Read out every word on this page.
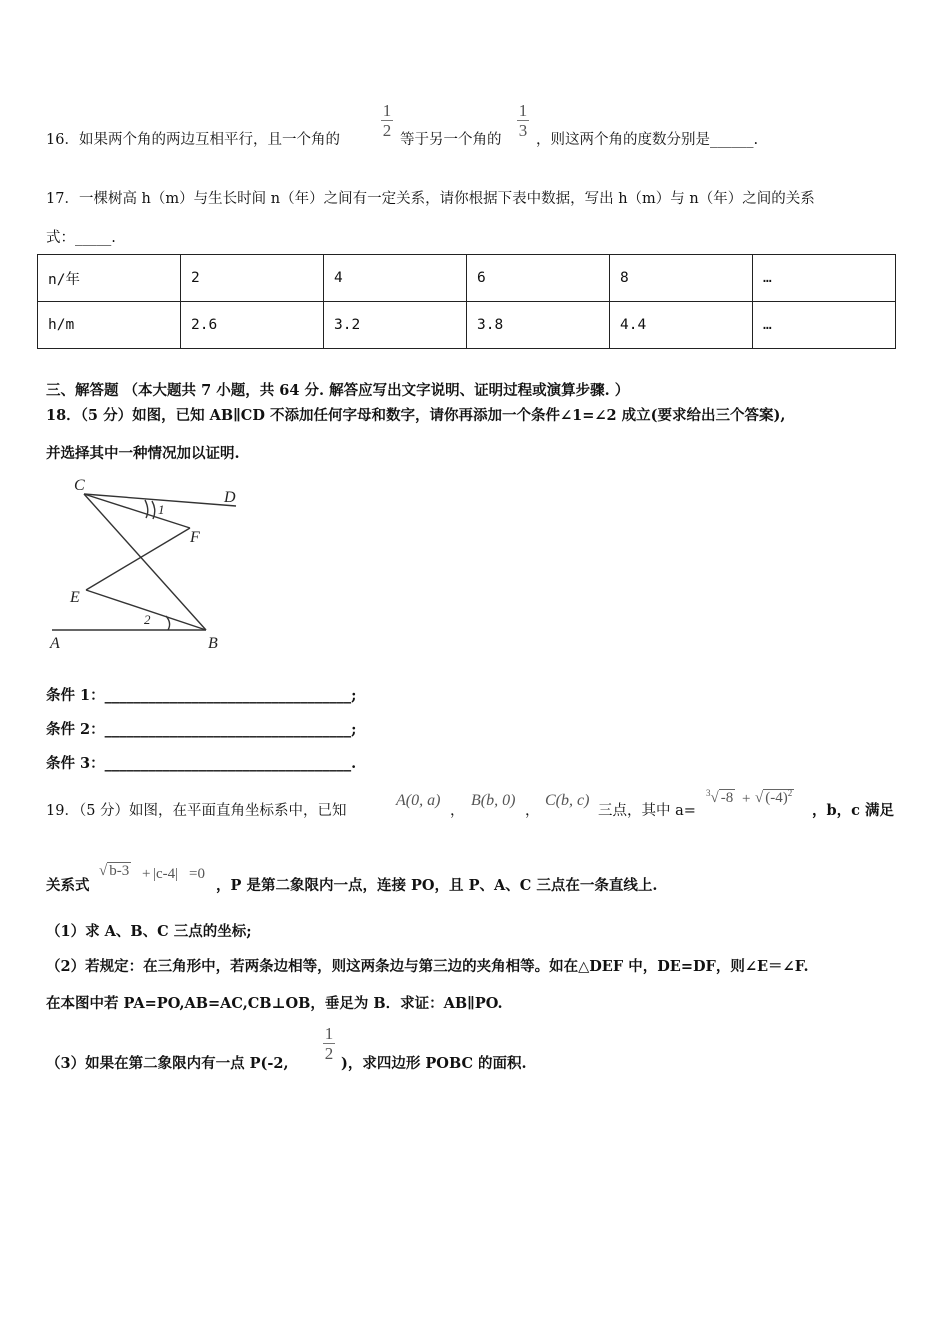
16．如果两个角的两边互相平行，且一个角的
1
2 等于另一个角的
1
3 ，则这两个角的度数分别是______.
17．一棵树高 h（m）与生长时间 n（年）之间有一定关系，请你根据下表中数据，写出 h（m）与 n（年）之间的关系
式：_____.
n/年	2	4	6	8	…
h/m	2.6	3.2	3.8	4.4	…
三、解答题 （本大题共 7 小题，共 64 分. 解答应写出文字说明、证明过程或演算步骤. ）
18．（5 分）如图，已知 AB∥CD 不添加任何字母和数字，请你再添加一个条件∠1=∠2 成立(要求给出三个答案),
并选择其中一种情况加以证明.
C
D
F
E
A	B
1
2
条件 1：__________________________________;
条件 2：__________________________________;
条件 3：__________________________________.
19．（5 分）如图，在平面直角坐标系中，已知
A(0, a)
，
B(b, 0)
，
C(b, c)
三点，其中 a=
$^3$√ -8 + √ $(-4)^2$
，b，c 满足
关系式
√ b-3 + |c-4| =0
，P 是第二象限内一点，连接 PO，且 P、A、C 三点在一条直线上.
（1）求 A、B、C 三点的坐标;
（2）若规定：在三角形中，若两条边相等，则这两条边与第三边的夹角相等。如在△DEF 中，DE=DF，则∠E＝∠F.
在本图中若 PA=PO,AB=AC,CB⊥OB，垂足为 B．求证：AB∥PO.
（3）如果在第二象限内有一点 P(-2,
1
2
)，求四边形 POBC 的面积.
